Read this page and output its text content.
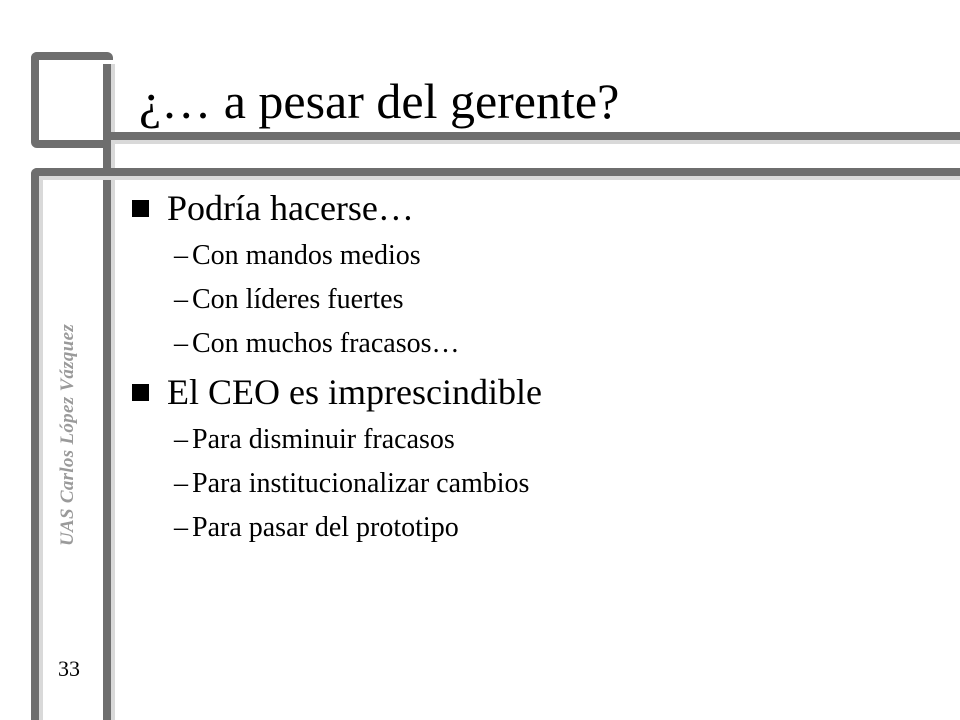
¿… a pesar del gerente?
Podría hacerse…
– Con mandos medios
– Con líderes fuertes
– Con muchos fracasos…
El CEO es imprescindible
– Para disminuir fracasos
– Para institucionalizar cambios
– Para pasar del prototipo
UAS Carlos López Vázquez
33
